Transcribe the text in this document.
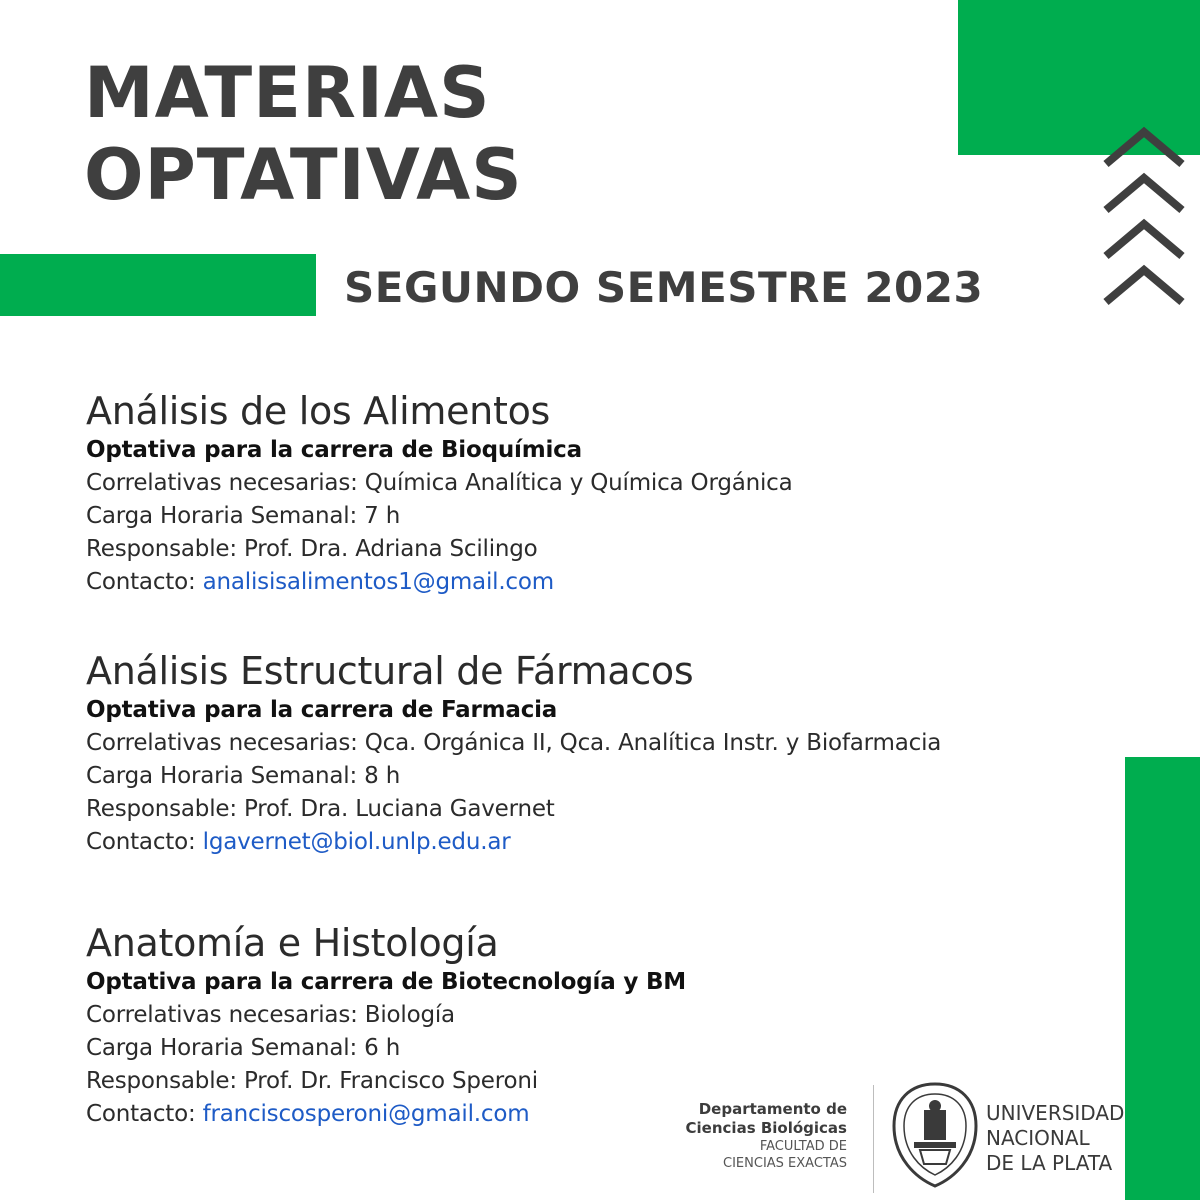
MATERIAS
OPTATIVAS
SEGUNDO SEMESTRE 2023
Análisis de los Alimentos
Optativa para la carrera de Bioquímica
Correlativas necesarias: Química Analítica y Química Orgánica
Carga Horaria Semanal: 7 h
Responsable: Prof. Dra. Adriana Scilingo
Contacto: analisisalimentos1@gmail.com
Análisis Estructural de Fármacos
Optativa para la carrera de Farmacia
Correlativas necesarias: Qca. Orgánica II, Qca. Analítica Instr. y Biofarmacia
Carga Horaria Semanal: 8 h
Responsable: Prof. Dra. Luciana Gavernet
Contacto: lgavernet@biol.unlp.edu.ar
Anatomía e Histología
Optativa para la carrera de Biotecnología y BM
Correlativas necesarias: Biología
Carga Horaria Semanal: 6 h
Responsable: Prof. Dr. Francisco Speroni
Contacto: franciscosperoni@gmail.com	Departamento de
Ciencias Biológicas
FACULTAD DE
CIENCIAS EXACTAS
UNIVERSIDAD
NACIONAL
DE LA PLATA
